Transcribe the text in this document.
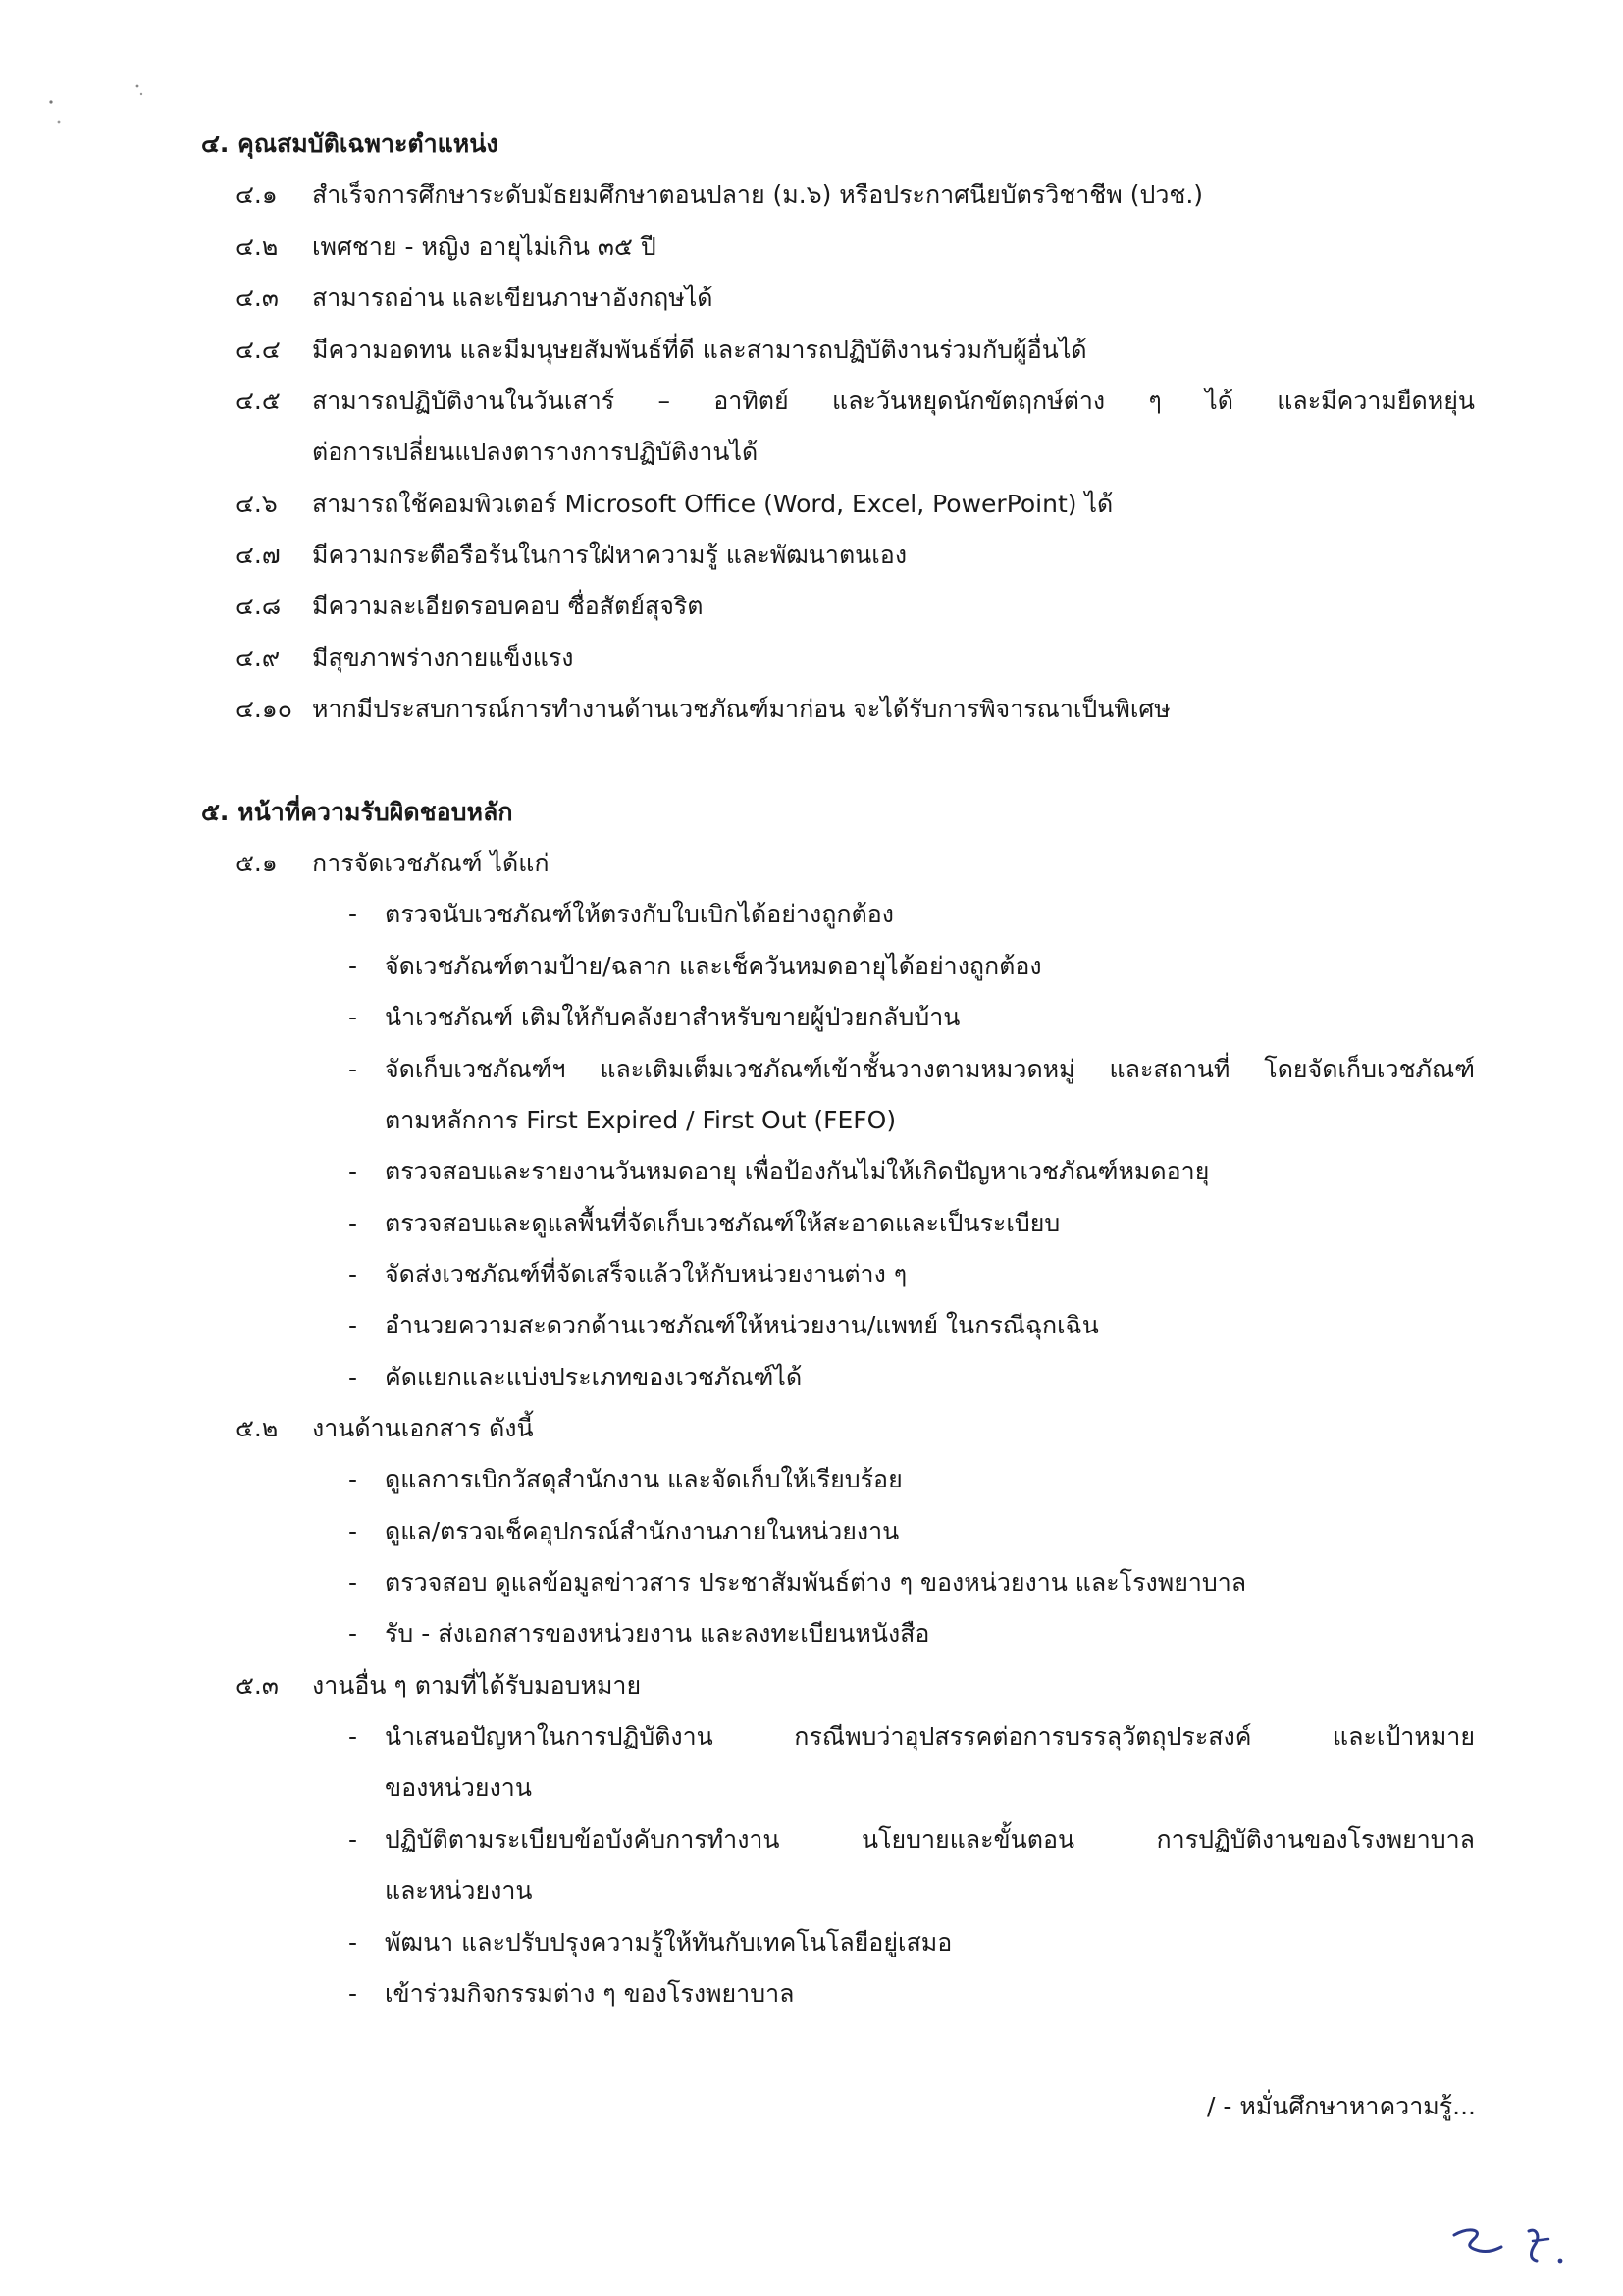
๔. คุณสมบัติเฉพาะตำแหน่ง
๔.๑ สำเร็จการศึกษาระดับมัธยมศึกษาตอนปลาย (ม.๖) หรือประกาศนียบัตรวิชาชีพ (ปวช.)
๔.๒ เพศชาย - หญิง อายุไม่เกิน ๓๕ ปี
๔.๓ สามารถอ่าน และเขียนภาษาอังกฤษได้
๔.๔ มีความอดทน และมีมนุษยสัมพันธ์ที่ดี และสามารถปฏิบัติงานร่วมกับผู้อื่นได้
๔.๕ สามารถปฏิบัติงานในวันเสาร์ – อาทิตย์ และวันหยุดนักขัตฤกษ์ต่าง ๆ ได้ และมีความยืดหยุ่น
ต่อการเปลี่ยนแปลงตารางการปฏิบัติงานได้
๔.๖ สามารถใช้คอมพิวเตอร์ Microsoft Office (Word, Excel, PowerPoint) ได้
๔.๗ มีความกระตือรือร้นในการใฝ่หาความรู้ และพัฒนาตนเอง
๔.๘ มีความละเอียดรอบคอบ ซื่อสัตย์สุจริต
๔.๙ มีสุขภาพร่างกายแข็งแรง
๔.๑๐ หากมีประสบการณ์การทำงานด้านเวชภัณฑ์มาก่อน จะได้รับการพิจารณาเป็นพิเศษ
๕. หน้าที่ความรับผิดชอบหลัก
๕.๑ การจัดเวชภัณฑ์ ได้แก่
- ตรวจนับเวชภัณฑ์ให้ตรงกับใบเบิกได้อย่างถูกต้อง
- จัดเวชภัณฑ์ตามป้าย/ฉลาก และเช็ควันหมดอายุได้อย่างถูกต้อง
- นำเวชภัณฑ์ เติมให้กับคลังยาสำหรับขายผู้ป่วยกลับบ้าน
- จัดเก็บเวชภัณฑ์ฯ และเติมเต็มเวชภัณฑ์เข้าชั้นวางตามหมวดหมู่ และสถานที่ โดยจัดเก็บเวชภัณฑ์
ตามหลักการ First Expired / First Out (FEFO)
- ตรวจสอบและรายงานวันหมดอายุ เพื่อป้องกันไม่ให้เกิดปัญหาเวชภัณฑ์หมดอายุ
- ตรวจสอบและดูแลพื้นที่จัดเก็บเวชภัณฑ์ให้สะอาดและเป็นระเบียบ
- จัดส่งเวชภัณฑ์ที่จัดเสร็จแล้วให้กับหน่วยงานต่าง ๆ
- อำนวยความสะดวกด้านเวชภัณฑ์ให้หน่วยงาน/แพทย์ ในกรณีฉุกเฉิน
- คัดแยกและแบ่งประเภทของเวชภัณฑ์ได้
๕.๒ งานด้านเอกสาร ดังนี้
- ดูแลการเบิกวัสดุสำนักงาน และจัดเก็บให้เรียบร้อย
- ดูแล/ตรวจเช็คอุปกรณ์สำนักงานภายในหน่วยงาน
- ตรวจสอบ ดูแลข้อมูลข่าวสาร ประชาสัมพันธ์ต่าง ๆ ของหน่วยงาน และโรงพยาบาล
- รับ - ส่งเอกสารของหน่วยงาน และลงทะเบียนหนังสือ
๕.๓ งานอื่น ๆ ตามที่ได้รับมอบหมาย
- นำเสนอปัญหาในการปฏิบัติงาน กรณีพบว่าอุปสรรคต่อการบรรลุวัตถุประสงค์ และเป้าหมาย
ของหน่วยงาน
- ปฏิบัติตามระเบียบข้อบังคับการทำงาน นโยบายและขั้นตอน การปฏิบัติงานของโรงพยาบาล
และหน่วยงาน
- พัฒนา และปรับปรุงความรู้ให้ทันกับเทคโนโลยีอยู่เสมอ
- เข้าร่วมกิจกรรมต่าง ๆ ของโรงพยาบาล
/ - หมั่นศึกษาหาความรู้...
